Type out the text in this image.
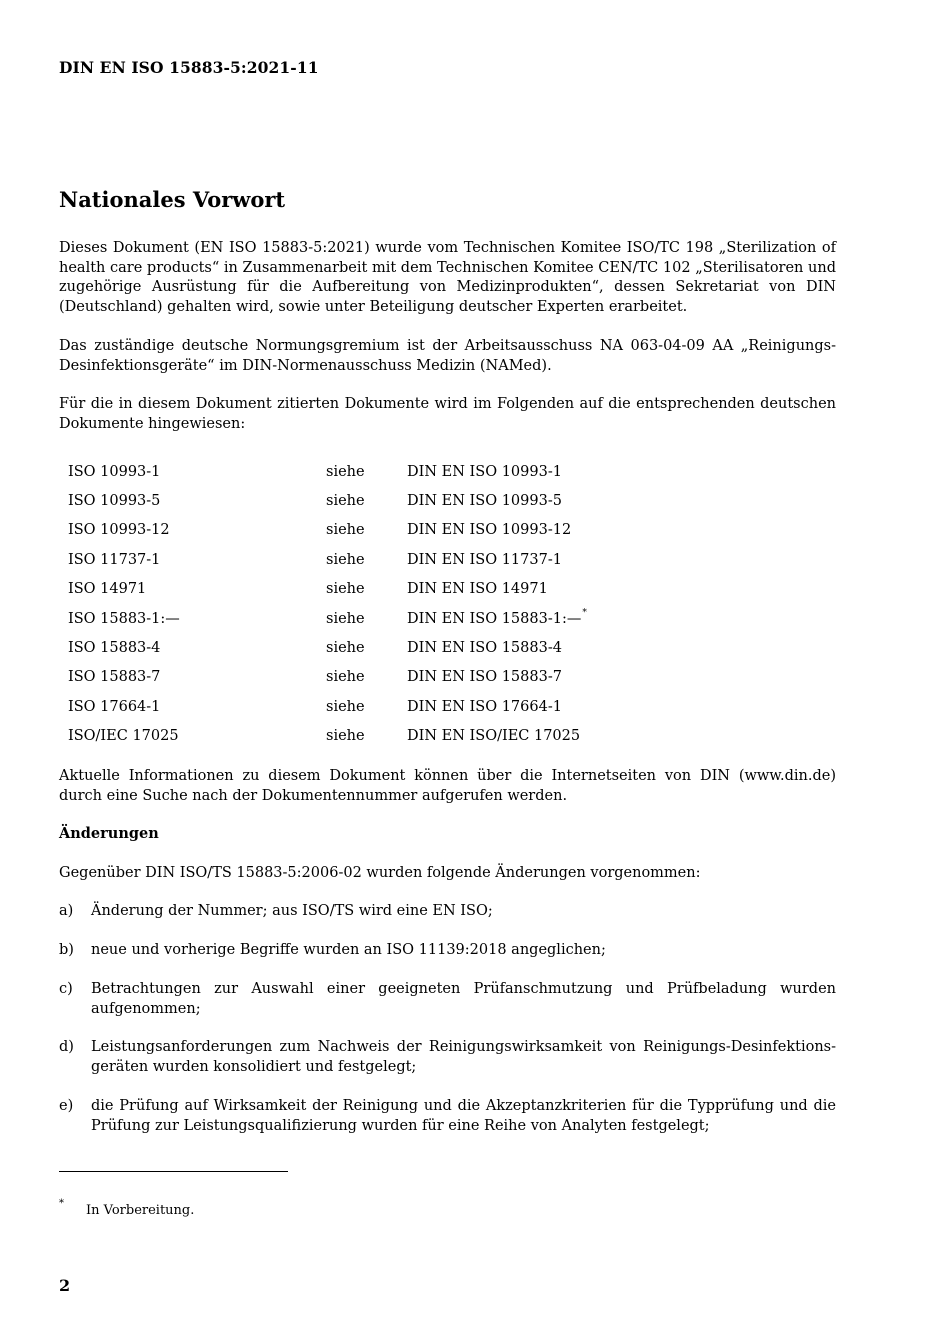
DIN EN ISO 15883-5:2021-11
Nationales Vorwort

Dieses Dokument (EN ISO 15883-5:2021) wurde vom Technischen Komitee ISO/TC 198 „Sterilization of health care products“ in Zusammenarbeit mit dem Technischen Komitee CEN/TC 102 „Sterilisatoren und zugehörige Ausrüstung für die Aufbereitung von Medizinprodukten“, dessen Sekretariat von DIN (Deutschland) gehalten wird, sowie unter Beteiligung deutscher Experten erarbeitet.

Das zuständige deutsche Normungsgremium ist der Arbeitsausschuss NA 063-04-09 AA „Reinigungs-Desinfektionsgeräte“ im DIN-Normenausschuss Medizin (NAMed).

Für die in diesem Dokument zitierten Dokumente wird im Folgenden auf die entsprechenden deutschen Dokumente hingewiesen:

ISO 10993-1	siehe	DIN EN ISO 10993-1
ISO 10993-5	siehe	DIN EN ISO 10993-5
ISO 10993-12	siehe	DIN EN ISO 10993-12
ISO 11737-1	siehe	DIN EN ISO 11737-1
ISO 14971	siehe	DIN EN ISO 14971
ISO 15883-1:—	siehe	DIN EN ISO 15883-1:—*
ISO 15883-4	siehe	DIN EN ISO 15883-4
ISO 15883-7	siehe	DIN EN ISO 15883-7
ISO 17664-1	siehe	DIN EN ISO 17664-1
ISO/IEC 17025	siehe	DIN EN ISO/IEC 17025

Aktuelle Informationen zu diesem Dokument können über die Internetseiten von DIN (www.din.de) durch eine Suche nach der Dokumentennummer aufgerufen werden.

Änderungen

Gegenüber DIN ISO/TS 15883-5:2006-02 wurden folgende Änderungen vorgenommen:

a) Änderung der Nummer; aus ISO/TS wird eine EN ISO;
b) neue und vorherige Begriffe wurden an ISO 11139:2018 angeglichen;
c) Betrachtungen zur Auswahl einer geeigneten Prüfanschmutzung und Prüfbeladung wurden aufgenommen;
d) Leistungsanforderungen zum Nachweis der Reinigungswirksamkeit von Reinigungs-Desinfektions-geräten wurden konsolidiert und festgelegt;
e) die Prüfung auf Wirksamkeit der Reinigung und die Akzeptanzkriterien für die Typprüfung und die Prüfung zur Leistungsqualifizierung wurden für eine Reihe von Analyten festgelegt;
* In Vorbereitung.
2
